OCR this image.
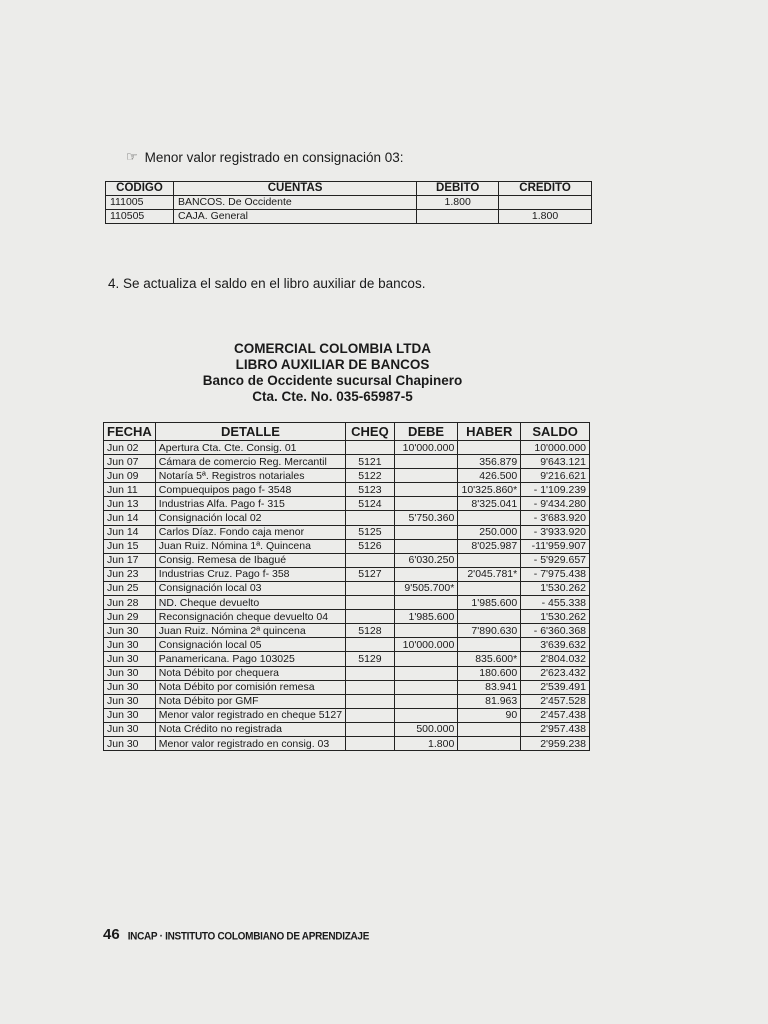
☞ Menor valor registrado en consignación 03:
CODIGO	CUENTAS	DEBITO	CREDITO
111005	BANCOS. De Occidente	1.800	
110505	CAJA. General		1.800
4. Se actualiza el saldo en el libro auxiliar de bancos.
COMERCIAL COLOMBIA LTDA
LIBRO AUXILIAR DE BANCOS
Banco de Occidente sucursal Chapinero
Cta. Cte. No. 035-65987-5
FECHA	DETALLE	CHEQ	DEBE	HABER	SALDO
Jun 02	Apertura Cta. Cte. Consig. 01		10'000.000		10'000.000
Jun 07	Cámara de comercio Reg. Mercantil	5121		356.879	9'643.121
Jun 09	Notaría 5ª. Registros notariales	5122		426.500	9'216.621
Jun 11	Compuequipos pago f- 3548	5123		10'325.860*	- 1'109.239
Jun 13	Industrias Alfa. Pago f- 315	5124		8'325.041	- 9'434.280
Jun 14	Consignación local 02		5'750.360		- 3'683.920
Jun 14	Carlos Díaz. Fondo caja menor	5125		250.000	- 3'933.920
Jun 15	Juan Ruiz. Nómina 1ª. Quincena	5126		8'025.987	-11'959.907
Jun 17	Consig. Remesa de Ibagué		6'030.250		- 5'929.657
Jun 23	Industrias Cruz. Pago f- 358	5127		2'045.781*	- 7'975.438
Jun 25	Consignación local 03		9'505.700*		1'530.262
Jun 28	ND. Cheque devuelto			1'985.600	- 455.338
Jun 29	Reconsignación cheque devuelto 04		1'985.600		1'530.262
Jun 30	Juan Ruiz. Nómina 2ª quincena	5128		7'890.630	- 6'360.368
Jun 30	Consignación local 05		10'000.000		3'639.632
Jun 30	Panamericana. Pago 103025	5129		835.600*	2'804.032
Jun 30	Nota Débito por chequera			180.600	2'623.432
Jun 30	Nota Débito por comisión remesa			83.941	2'539.491
Jun 30	Nota Débito por GMF			81.963	2'457.528
Jun 30	Menor valor registrado en cheque 5127			90	2'457.438
Jun 30	Nota Crédito no registrada		500.000		2'957.438
Jun 30	Menor valor registrado en consig. 03		1.800		2'959.238
46 INCAP · INSTITUTO COLOMBIANO DE APRENDIZAJE
